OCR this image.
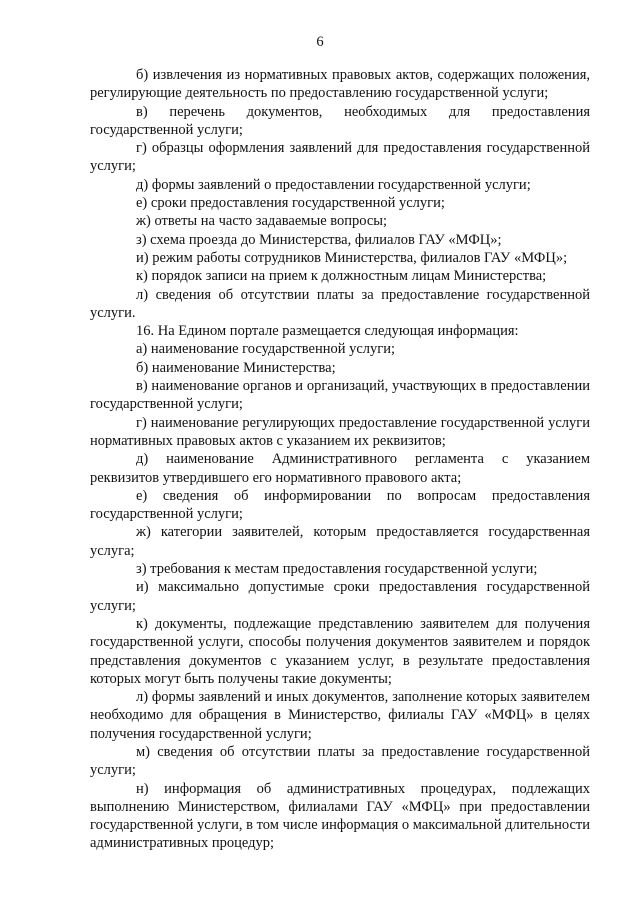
6

б) извлечения из нормативных правовых актов, содержащих положения, регулирующие деятельность по предоставлению государственной услуги;

в) перечень документов, необходимых для предоставления государственной услуги;

г) образцы оформления заявлений для предоставления государственной услуги;

д) формы заявлений о предоставлении государственной услуги;

е) сроки предоставления государственной услуги;

ж) ответы на часто задаваемые вопросы;

з) схема проезда до Министерства, филиалов ГАУ «МФЦ»;

и) режим работы сотрудников Министерства, филиалов ГАУ «МФЦ»;

к) порядок записи на прием к должностным лицам Министерства;

л) сведения об отсутствии платы за предоставление государственной услуги.

16. На Едином портале размещается следующая информация:

а) наименование государственной услуги;

б) наименование Министерства;

в) наименование органов и организаций, участвующих в предоставлении государственной услуги;

г) наименование регулирующих предоставление государственной услуги нормативных правовых актов с указанием их реквизитов;

д) наименование Административного регламента с указанием реквизитов утвердившего его нормативного правового акта;

е) сведения об информировании по вопросам предоставления государственной услуги;

ж) категории заявителей, которым предоставляется государственная услуга;

з) требования к местам предоставления государственной услуги;

и) максимально допустимые сроки предоставления государственной услуги;

к) документы, подлежащие представлению заявителем для получения государственной услуги, способы получения документов заявителем и порядок представления документов с указанием услуг, в результате предоставления которых могут быть получены такие документы;

л) формы заявлений и иных документов, заполнение которых заявителем необходимо для обращения в Министерство, филиалы ГАУ «МФЦ» в целях получения государственной услуги;

м) сведения об отсутствии платы за предоставление государственной услуги;

н) информация об административных процедурах, подлежащих выполнению Министерством, филиалами ГАУ «МФЦ» при предоставлении государственной услуги, в том числе информация о максимальной длительности административных процедур;
